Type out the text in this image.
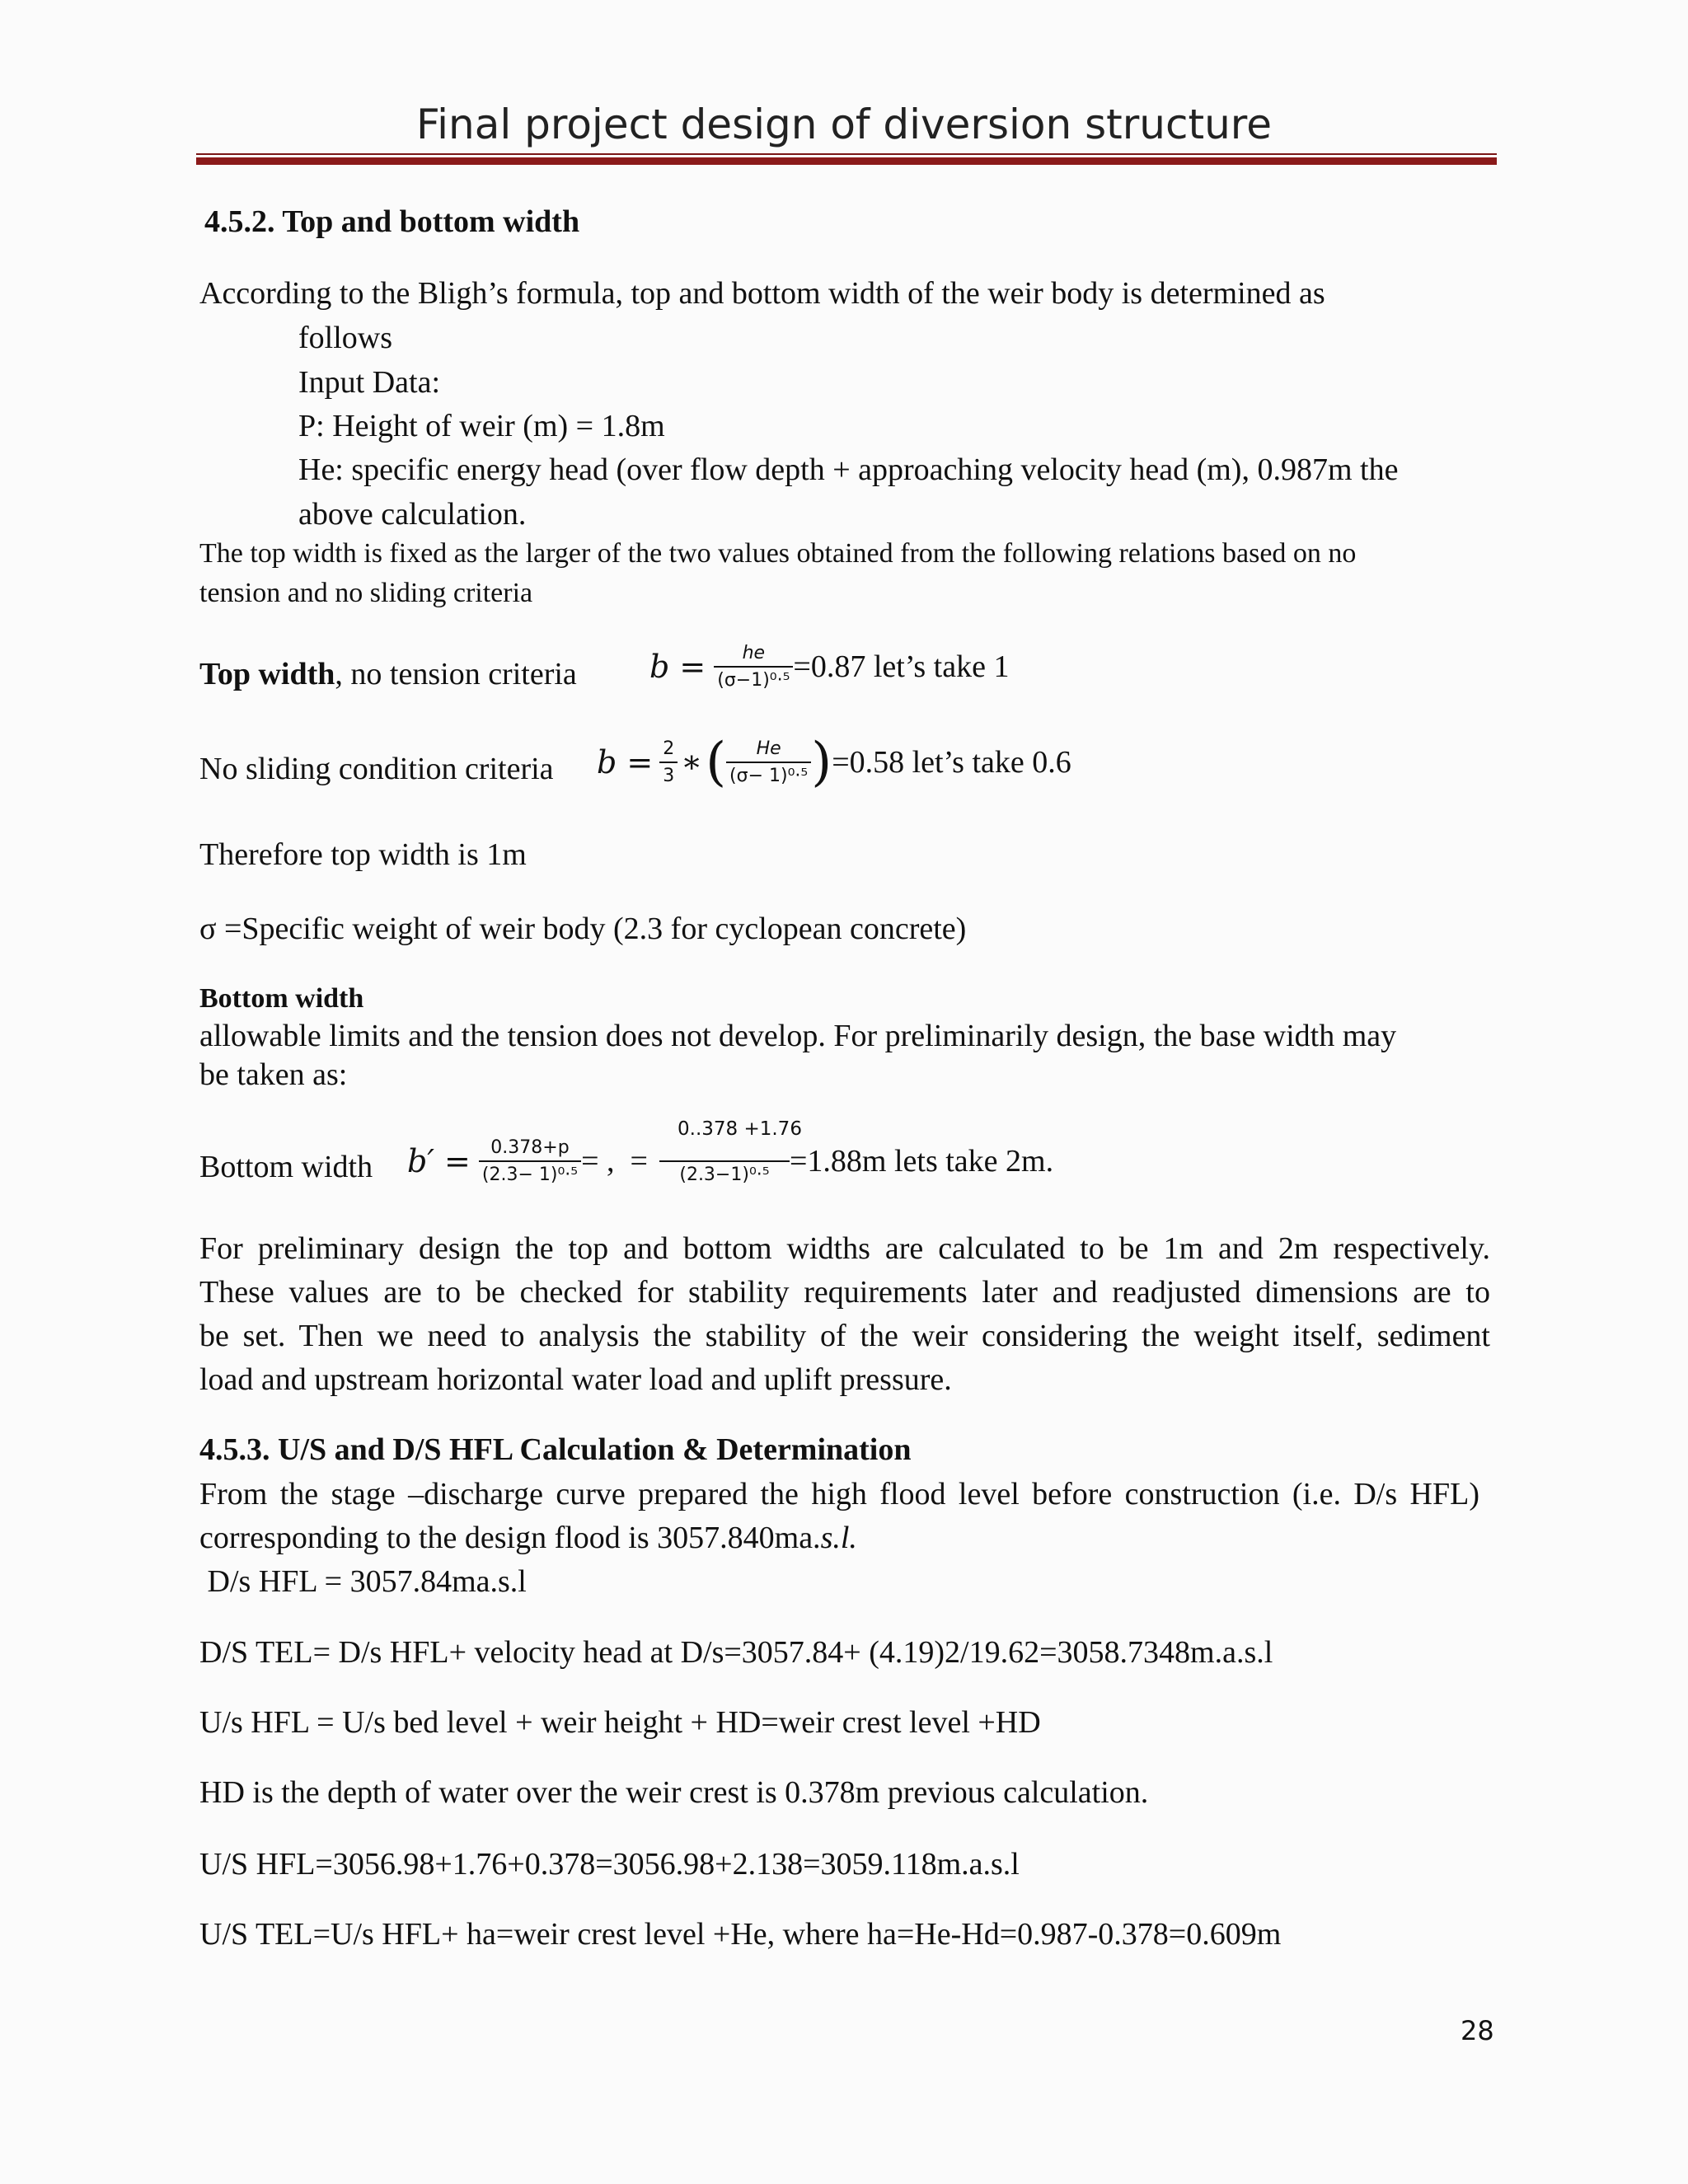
Final project design of diversion structure
4.5.2. Top and bottom width
According to the Bligh’s formula, top and bottom width of the weir body is determined as
follows
Input Data:
P: Height of weir (m) = 1.8m
He: specific energy head (over flow depth + approaching velocity head (m), 0.987m the
above calculation.
The top width is fixed as the larger of the two values obtained from the following relations based on no
tension and no sliding criteria
Top width, no tension criteria $b = \frac{he}{\text{(σ−1)⁰·⁵}} =0.87$ let’s take 1
No sliding condition criteria $b = \frac{2}{3}$ ∗ ( $\frac{He}{\text{(σ− 1)⁰·⁵}}$ ) =0.58 let’s take 0.6
Therefore top width is 1m
σ =Specific weight of weir body (2.3 for cyclopean concrete)
Bottom width
allowable limits and the tension does not develop. For preliminarily design, the base width may
be taken as:
0..378 +1.76
Bottom width $b' = \frac{0.378+p}{\text{(2.3− 1)⁰·⁵}}$ = ,  =
	(2.3−1)⁰·⁵ =1.88m lets take 2m.
For preliminary design the top and bottom widths are calculated to be 1m and 2m respectively.
These values are to be checked for stability requirements later and readjusted dimensions are to
be set. Then we need to analysis the stability of the weir considering the weight itself, sediment
load and upstream horizontal water load and uplift pressure.
4.5.3. U/S and D/S HFL Calculation & Determination
From the stage –discharge curve prepared the high flood level before construction (i.e. D/s HFL)
corresponding to the design flood is 3057.840ma.s.l.
D/s HFL = 3057.84ma.s.l
D/S TEL= D/s HFL+ velocity head at D/s=3057.84+ (4.19)2/19.62=3058.7348m.a.s.l
U/s HFL = U/s bed level + weir height + HD=weir crest level +HD
HD is the depth of water over the weir crest is 0.378m previous calculation.
U/S HFL=3056.98+1.76+0.378=3056.98+2.138=3059.118m.a.s.l
U/S TEL=U/s HFL+ ha=weir crest level +He, where ha=He-Hd=0.987-0.378=0.609m
28
